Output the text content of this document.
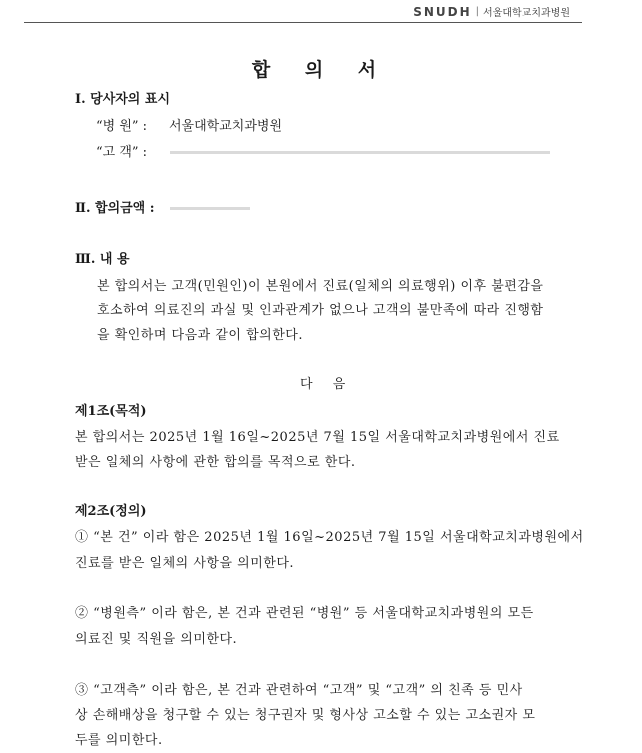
SNUDH | 서울대학교치과병원
합 의 서
Ⅰ. 당사자의 표시
“병 원” : 서울대학교치과병원
“고 객” :
Ⅱ. 합의금액 :
Ⅲ. 내 용
본 합의서는 고객(민원인)이 본원에서 진료(일체의 의료행위) 이후 불편감을
호소하여 의료진의 과실 및 인과관계가 없으나 고객의 불만족에 따라 진행함
을 확인하며 다음과 같이 합의한다.
다 음
제1조(목적)
본 합의서는 2025년 1월 16일~2025년 7월 15일 서울대학교치과병원에서 진료
받은 일체의 사항에 관한 합의를 목적으로 한다.
제2조(정의)
① “본 건” 이라 함은 2025년 1월 16일~2025년 7월 15일 서울대학교치과병원에서
진료를 받은 일체의 사항을 의미한다.
② “병원측” 이라 함은, 본 건과 관련된 “병원” 등 서울대학교치과병원의 모든
의료진 및 직원을 의미한다.
③ “고객측” 이라 함은, 본 건과 관련하여 “고객” 및 “고객” 의 친족 등 민사
상 손해배상을 청구할 수 있는 청구권자 및 형사상 고소할 수 있는 고소권자 모
두를 의미한다.
